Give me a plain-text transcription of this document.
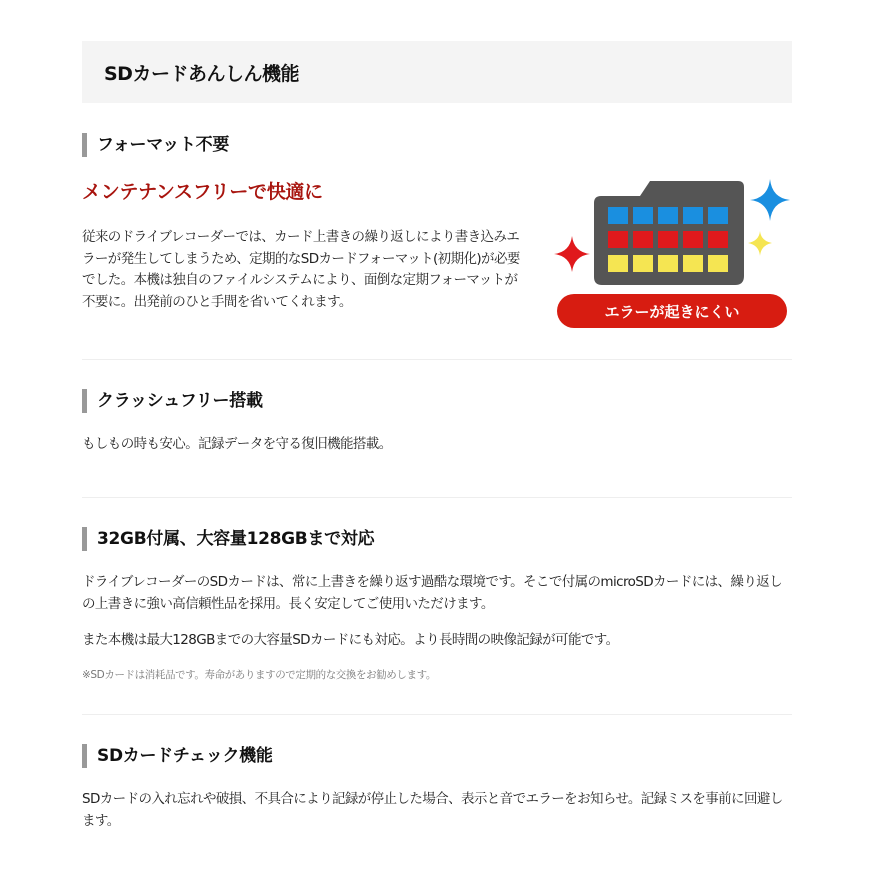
SDカードあんしん機能
フォーマット不要
メンテナンスフリーで快適に

従来のドライブレコーダーでは、カード上書きの繰り返しにより書き込みエラーが発生してしまうため、定期的なSDカードフォーマット(初期化)が必要でした。本機は独自のファイルシステムにより、面倒な定期フォーマットが不要に。出発前のひと手間を省いてくれます。

エラーが起きにくい
クラッシュフリー搭載

もしもの時も安心。記録データを守る復旧機能搭載。

32GB付属、大容量128GBまで対応

ドライブレコーダーのSDカードは、常に上書きを繰り返す過酷な環境です。そこで付属のmicroSDカードには、繰り返しの上書きに強い高信頼性品を採用。長く安定してご使用いただけます。

また本機は最大128GBまでの大容量SDカードにも対応。より長時間の映像記録が可能です。

※SDカードは消耗品です。寿命がありますので定期的な交換をお勧めします。

SDカードチェック機能

SDカードの入れ忘れや破損、不具合により記録が停止した場合、表示と音でエラーをお知らせ。記録ミスを事前に回避します。
